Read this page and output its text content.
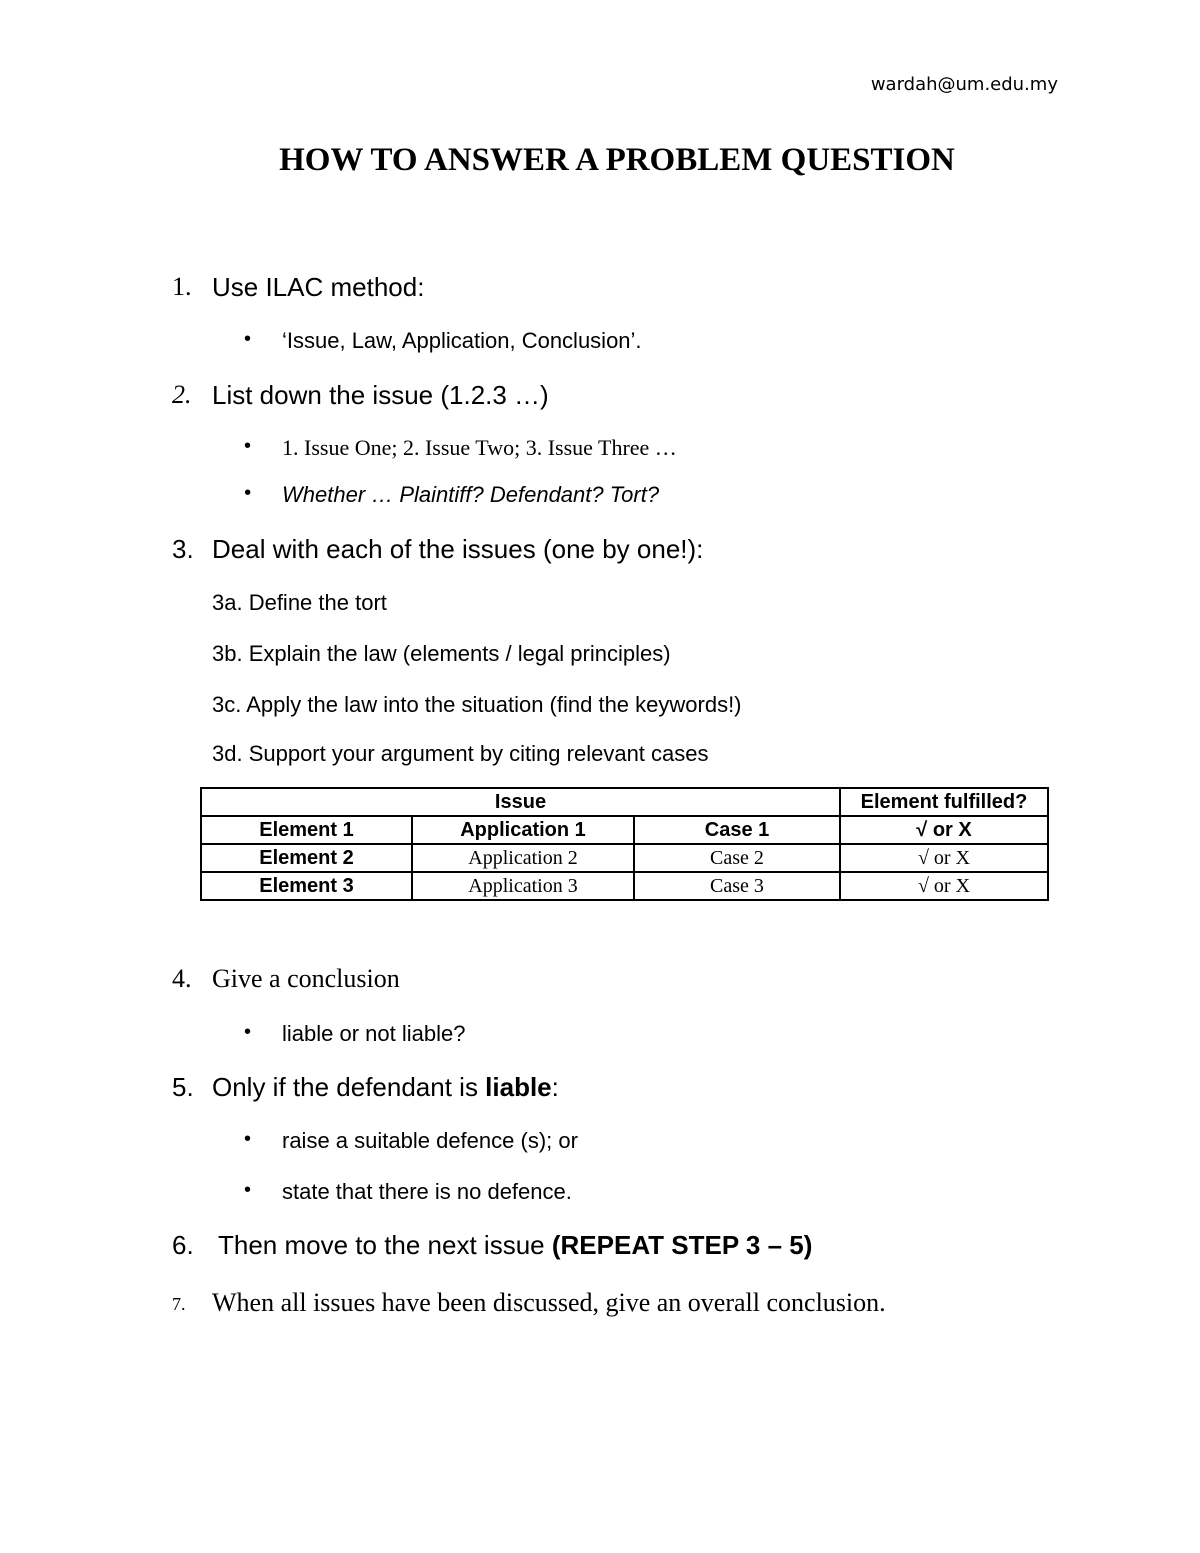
wardah@um.edu.my
HOW TO ANSWER A PROBLEM QUESTION
1. Use ILAC method:
• ‘Issue, Law, Application, Conclusion’.
2. List down the issue (1.2.3 …)
• 1. Issue One; 2. Issue Two; 3. Issue Three …
• Whether … Plaintiff? Defendant? Tort?
3. Deal with each of the issues (one by one!):
3a. Define the tort
3b. Explain the law (elements / legal principles)
3c. Apply the law into the situation (find the keywords!)
3d. Support your argument by citing relevant cases
Issue			Element fulfilled?
Element 1	Application 1	Case 1	√ or X
Element 2	Application 2	Case 2	√ or X
Element 3	Application 3	Case 3	√ or X
4. Give a conclusion
• liable or not liable?
5. Only if the defendant is liable:
• raise a suitable defence (s); or
• state that there is no defence.
6. Then move to the next issue (REPEAT STEP 3 – 5)
7. When all issues have been discussed, give an overall conclusion.
